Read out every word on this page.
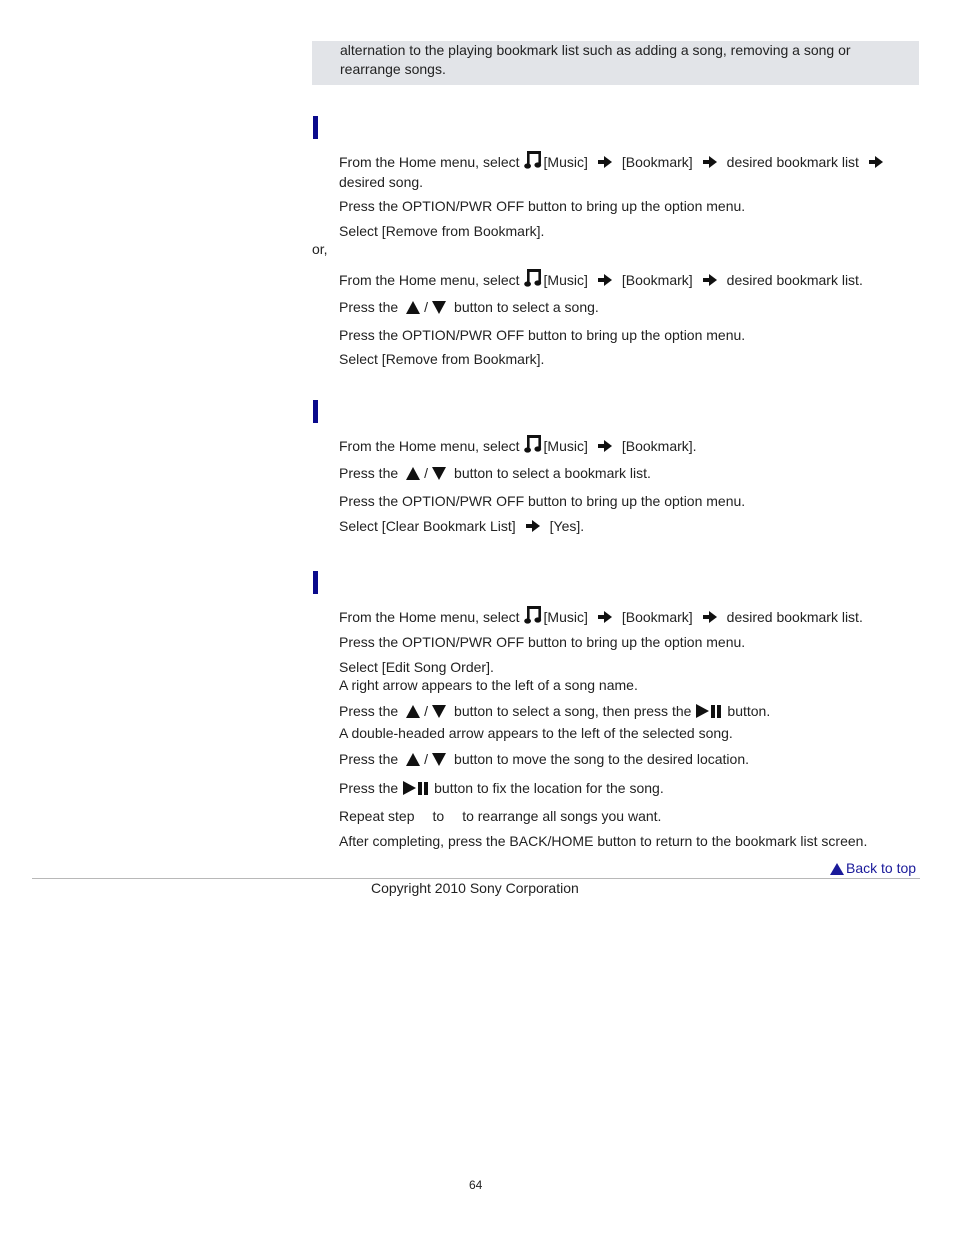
alternation to the playing bookmark list such as adding a song, removing a song or
rearrange songs.
From the Home menu, select [Music] [Bookmark] desired bookmark list
desired song.
Press the OPTION/PWR OFF button to bring up the option menu.
Select [Remove from Bookmark].
or,
From the Home menu, select [Music] [Bookmark] desired bookmark list.
Press the / button to select a song.
Press the OPTION/PWR OFF button to bring up the option menu.
Select [Remove from Bookmark].
From the Home menu, select [Music] [Bookmark].
Press the / button to select a bookmark list.
Press the OPTION/PWR OFF button to bring up the option menu.
Select [Clear Bookmark List] [Yes].
From the Home menu, select [Music] [Bookmark] desired bookmark list.
Press the OPTION/PWR OFF button to bring up the option menu.
Select [Edit Song Order].
A right arrow appears to the left of a song name.
Press the / button to select a song, then press the	button.
A double-headed arrow appears to the left of the selected song.
Press the / button to move the song to the desired location.
Press the	button to fix the location for the song.
Repeat step to to rearrange all songs you want.
After completing, press the BACK/HOME button to return to the bookmark list screen.
Back to top
Copyright 2010 Sony Corporation
64
